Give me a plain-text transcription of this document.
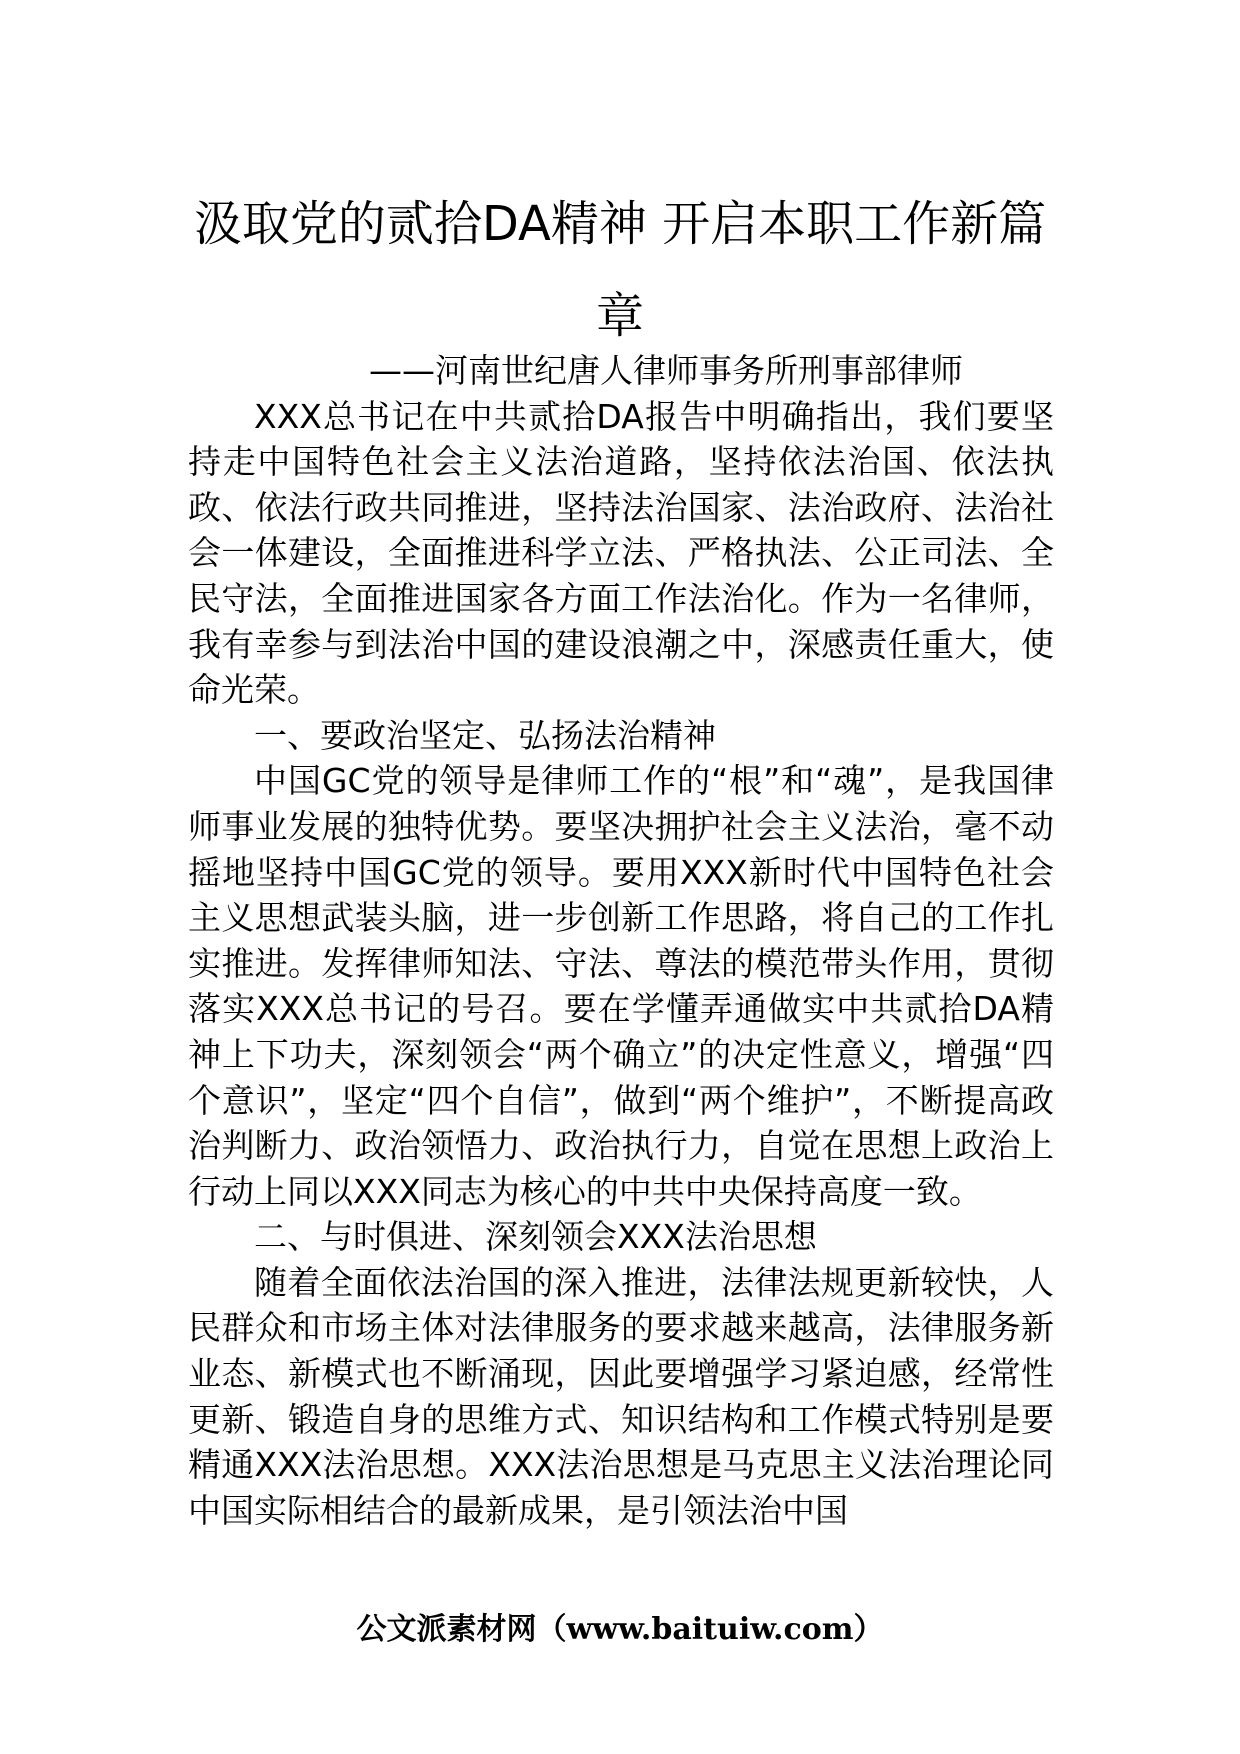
汲取党的贰拾DA精神 开启本职工作新篇章

——河南世纪唐人律师事务所刑事部律师

XXX总书记在中共贰拾DA报告中明确指出，我们要坚持走中国特色社会主义法治道路，坚持依法治国、依法执政、依法行政共同推进，坚持法治国家、法治政府、法治社会一体建设，全面推进科学立法、严格执法、公正司法、全民守法，全面推进国家各方面工作法治化。作为一名律师，我有幸参与到法治中国的建设浪潮之中，深感责任重大，使命光荣。

一、要政治坚定、弘扬法治精神

中国GC党的领导是律师工作的“根”和“魂”，是我国律师事业发展的独特优势。要坚决拥护社会主义法治，毫不动摇地坚持中国GC党的领导。要用XXX新时代中国特色社会主义思想武装头脑，进一步创新工作思路，将自己的工作扎实推进。发挥律师知法、守法、尊法的模范带头作用，贯彻落实XXX总书记的号召。要在学懂弄通做实中共贰拾DA精神上下功夫，深刻领会“两个确立”的决定性意义，增强“四个意识”，坚定“四个自信”，做到“两个维护”，不断提高政治判断力、政治领悟力、政治执行力，自觉在思想上政治上行动上同以XXX同志为核心的中共中央保持高度一致。

二、与时俱进、深刻领会XXX法治思想

随着全面依法治国的深入推进，法律法规更新较快，人民群众和市场主体对法律服务的要求越来越高，法律服务新业态、新模式也不断涌现，因此要增强学习紧迫感，经常性更新、锻造自身的思维方式、知识结构和工作模式特别是要精通XXX法治思想。XXX法治思想是马克思主义法治理论同中国实际相结合的最新成果，是引领法治中国

公文派素材网（www.baituiw.com）
